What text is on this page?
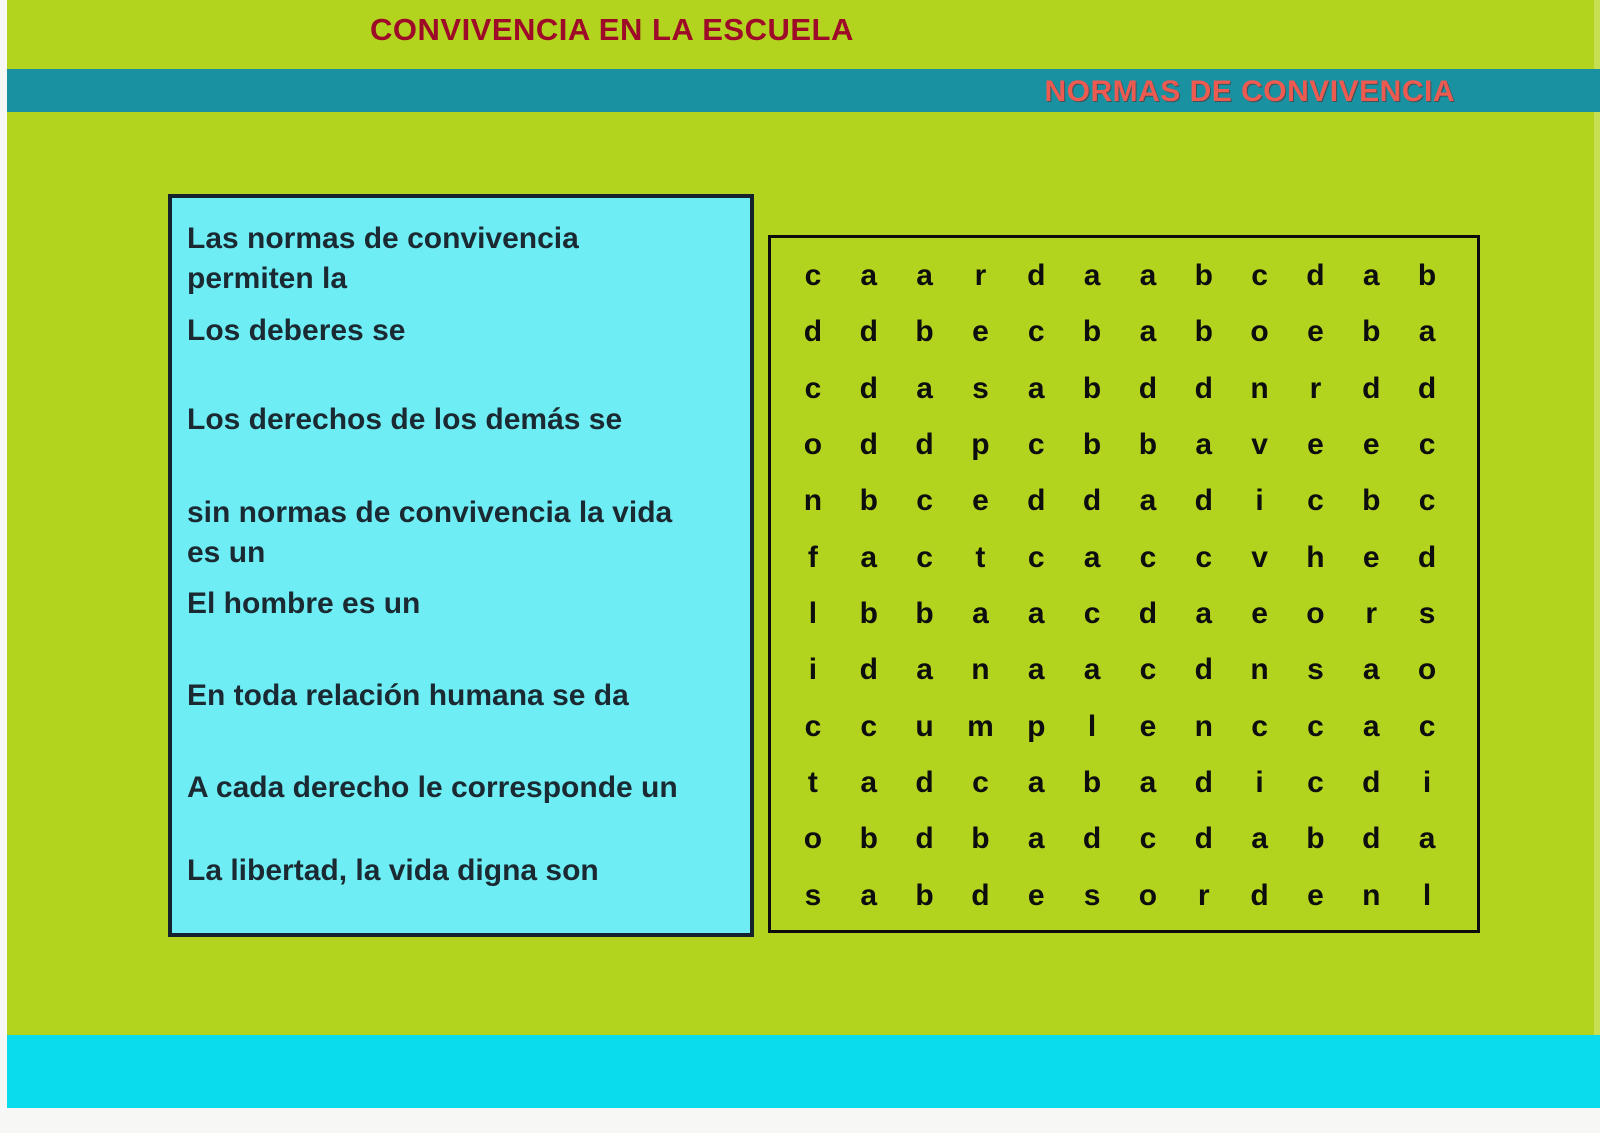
CONVIVENCIA EN LA ESCUELA
NORMAS DE CONVIVENCIA
Las normas de convivencia
permiten la
Los deberes se
Los derechos de los demás se
sin normas de convivencia la vida
es un
El hombre es un
En toda relación humana se da
A cada derecho le corresponde un
La libertad, la vida digna son
c	a	a	r	d	a	a	b	c	d	a	b
d	d	b	e	c	b	a	b	o	e	b	a
c	d	a	s	a	b	d	d	n	r	d	d
o	d	d	p	c	b	b	a	v	e	e	c
n	b	c	e	d	d	a	d	i	c	b	c
f	a	c	t	c	a	c	c	v	h	e	d
l	b	b	a	a	c	d	a	e	o	r	s
i	d	a	n	a	a	c	d	n	s	a	o
c	c	u	m	p	l	e	n	c	c	a	c
t	a	d	c	a	b	a	d	i	c	d	i
o	b	d	b	a	d	c	d	a	b	d	a
s	a	b	d	e	s	o	r	d	e	n	l
